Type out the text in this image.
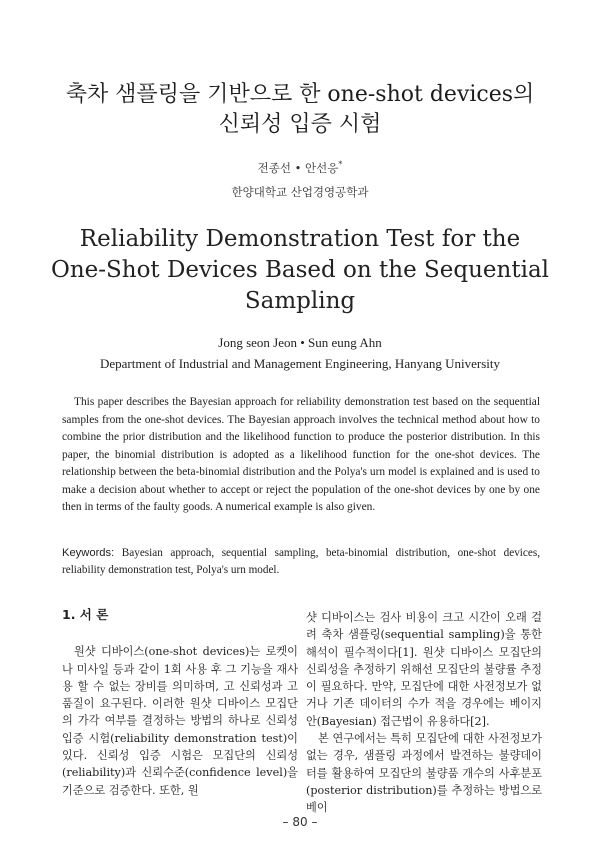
축차 샘플링을 기반으로 한 one-shot devices의
신뢰성 입증 시험
전종선 • 안선응*
한양대학교 산업경영공학과
Reliability Demonstration Test for the
One-Shot Devices Based on the Sequential
Sampling
Jong seon Jeon • Sun eung Ahn
Department of Industrial and Management Engineering, Hanyang University

This paper describes the Bayesian approach for reliability demonstration test based on the sequential samples from the one-shot devices. The Bayesian approach involves the technical method about how to combine the prior distribution and the likelihood function to produce the posterior distribution. In this paper, the binomial distribution is adopted as a likelihood function for the one-shot devices. The relationship between the beta-binomial distribution and the Polya's urn model is explained and is used to make a decision about whether to accept or reject the population of the one-shot devices by one by one then in terms of the faulty goods. A numerical example is also given.

Keywords: Bayesian approach, sequential sampling, beta-binomial distribution, one-shot devices, reliability demonstration test, Polya's urn model.
1. 서 론

원샷 디바이스(one-shot devices)는 로켓이나 미사일 등과 같이 1회 사용 후 그 기능을 재사용 할 수 없는 장비를 의미하며, 고 신뢰성과 고 품질이 요구된다. 이러한 원샷 디바이스 모집단의 가각 여부를 결정하는 방법의 하나로 신뢰성 입증 시험(reliability demonstration test)이 있다. 신뢰성 입증 시험은 모집단의 신뢰성(reliability)과 신뢰수준(confidence level)을 기준으로 검증한다. 또한, 원

샷 디바이스는 검사 비용이 크고 시간이 오래 걸려 축차 샘플링(sequential sampling)을 통한 해석이 필수적이다[1]. 원샷 디바이스 모집단의 신뢰성을 추정하기 위해선 모집단의 불량률 추정이 필요하다. 만약, 모집단에 대한 사전정보가 없거나 기존 데이터의 수가 적을 경우에는 베이지안(Bayesian) 접근법이 유용하다[2].

본 연구에서는 특히 모집단에 대한 사전정보가 없는 경우, 샘플링 과정에서 발견하는 불량데이터를 활용하여 모집단의 불량품 개수의 사후분포(posterior distribution)를 추정하는 방법으로 베이

– 80 –
